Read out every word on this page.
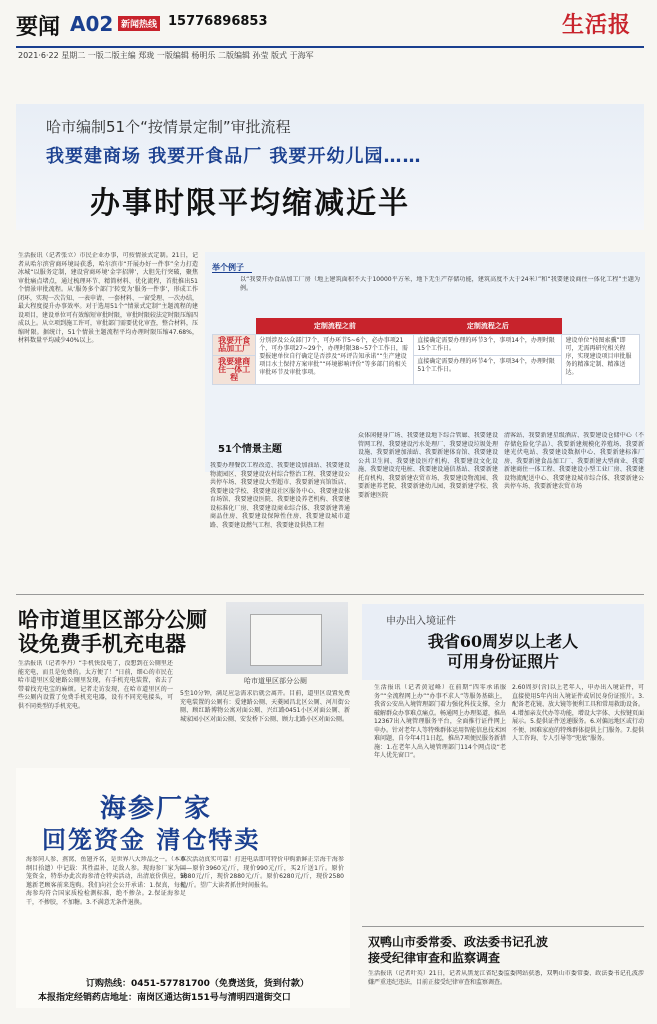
要闻 A02 新闻热线 15776896853	生活报
2021·6·22 星期二 一版二版主编 郑珑 一版编辑 杨明乐 二版编辑 孙莹 版式 于海军
哈市编制51个“按情景定制”审批流程
我要建商场 我要开食品厂 我要开幼儿园……
办事时限平均缩减近半
生活报讯（记者张立）市民企业办事，可按情景式定制。21日，记者从哈尔滨营商环境局获悉，哈尔滨市“开展办好一件事”全力打造冰城“以服务定制，建设营商环境‘金字招牌’，大胆先行突破，聚焦审批痛点堵点，通过梳理环节、精简材料、优化流程，首批推出51个情景审批流程。从‘服务多个部门’转变为‘服务一件事’，形成工作闭环，实现一次告知、一表申请、一套材料、一窗受理、一次办结，最大程度提升办事效率。对于选用51个“情景式定制”主题流程的建设项目，建设单位可有效缩短审批时限，审批时限较法定时限压缩四成以上。从立项到施工许可，审批部门需要优化审查，整合材料，压缩时限。据统计，51个情景主题流程平均办理时限压缩47.68%，材料数量平均减少40%以上。
举个例子
以“我要开办食品加工厂房（地上建筑面积不大于10000平方米，地下无生产存储功能，建筑高度不大于24米）”和“我要建设商住一体化工程”主题为例。
	定制流程之前	定制流程之后	
我要开食品加工厂	分别涉及公众部门7个，可办环节5~6个，必办事项21个，可办事项27~29个，办理时限38~57个工作日，需要报建单位自行确定是否涉及“环评告知承诺”“生产建设项目水土保持方案审批”“环境影响评价”等多部门的相关审批环节及审批事项。	直接确定需要办理的环节3个，事项14个，办理时限15个工作日。	建设单位“按图索骥”即可，无需再研究相关程序，实现建设项目审批服务的精准定制、精准送达。
我要建商住一体工程		直接确定需要办理的环节4个，事项34个，办理时限51个工作日。	
51个情景主题
我要办理餐饮工程改造、我要建设加油站、我要建设物流园区、我要建设农村综合整治工程、我要建设公共停车场、我要建设大型超市、我要新建宾馆饭店、我要建设学校、我要建设社区服务中心、我要建设体育场馆、我要建设医院、我要建设养老机构、我要建设标准化厂房、我要建设商业综合体、我要新建普通商品住房、我要建设保障性住房、我要建设城市道路、我要建设燃气工程、我要建设供热工程
众体闲健身广场、我要建设地下综合管廊、我要建设管网工程、我要建设污水处理厂、我要建设垃圾处理设施、我要新建加油站、我要新建体育馆、我要建设公共卫生间、我要建设医疗机构、我要建设文化设施、我要建设充电桩、我要建设通信基站、我要新建托育机构、我要新建农贸市场、我要建设物流园、我要新建养老院、我要新建幼儿园、我要新建学校、我要新建医院
清客站、我要新建星级酒店、我要建设仓储中心（不存储危险化学品）、我要新建规模化养殖场、我要新建光伏电站、我要建设数据中心、我要新建标准厂房、我要新建食品加工厂、我要新建大型商业、我要新建商住一体工程、我要建设小型工业厂房、我要建设物流配送中心、我要建设城市综合体、我要新建公共停车场、我要新建农贸市场
哈市道里区部分公厕
设免费手机充电器
哈市道里区部分公厕
生活报讯（记者李丹）“手机快没电了，没想到在公厕里还能充电，而且是免费的。太方便了！”日前，细心的市民在哈市道里区爱建路公厕里发现，有手机充电装置，省去了带着找充电宝的麻烦。记者走访发现，在哈市道里区的一些公厕内设置了免费手机充电器，设有不同充电接头，可供不同类型的手机充电。
5至10分钟，满足应急需求后就会离开。目前，道里区设置免费充电装置的公厕有：爱建路公厕、天菱园昌北区公厕、河川街公厕、顾红路博物公寓对面公厕、兴红路0451小区对面公厕、新城家园小区对面公厕、安发桥下公厕、顾力北路小区对面公厕。
海参厂家
回笼资金 清仓特卖
海参同人参、燕窝、鱼翅齐名，是世界八大珍品之一。（本草纲目拾遗）中记载：其性温补，足敌人参。现海参厂家为回笼资金，特举办此次海参清仓特卖活动，出清底价供应，诚邀新老顾客前来选购。我们向社会公开承诺：1.保真，每根海参均符合国家质检检测标准，绝不掺杂。2.保证海参足干，不掺胶，不加糖。3.不满意无条件退换。
本次活动真实可靠！打进电话即可特价申购新鲜正宗海干海参——原价3960元/斤，现价990元/斤，买2斤送1斤。原价5880元/斤，现价2880元/斤。原价6280元/斤，现价2580元/斤。望广大读者抓住时间报名。
订购热线：0451-57781700（免费送货，货到付款）
本报指定经销药店地址：南岗区通达街151号与清明四道街交口
申办出入境证件
我省60周岁以上老人
可用身份证照片
生活报讯（记者黄冠峰）在前期“四零承诺服务”“全流程网上办”“办事不求人”等服务基础上，我省公安出入境管理部门着力强化科技支撑，全力破解群众办事难点痛点。畅通网上办理渠道，推出12367出入境管理服务平台，全面推行证件网上申办。针对老年人等特殊群体运用智能信息技术困难问题，自今年4月1日起，推出7项便民服务新措施：1.在老年人出入境管理部门114个网点设“老年人优先窗口”。
2.60周岁(含)以上老年人，申办出入境证件，可直接使用5年内出入境证件或居民身份证照片。3.配备老花镜、放大镜等便利工具和常用救助设备。4.增加亲友代办等功能，增设大字体、大按键页面展示。5.提供证件送递服务。6.对偏远地区或行动不便、困难家庭的特殊群体提供上门服务。7.提供人工咨询、专人引导等“兜底”服务。
双鸭山市委常委、政法委书记孔波
接受纪律审查和监察调查
生活报讯（记者叶英）21日，记者从黑龙江省纪委监委网站获悉，双鸭山市委常委、政法委书记孔波涉嫌严重违纪违法，目前正接受纪律审查和监察调查。
